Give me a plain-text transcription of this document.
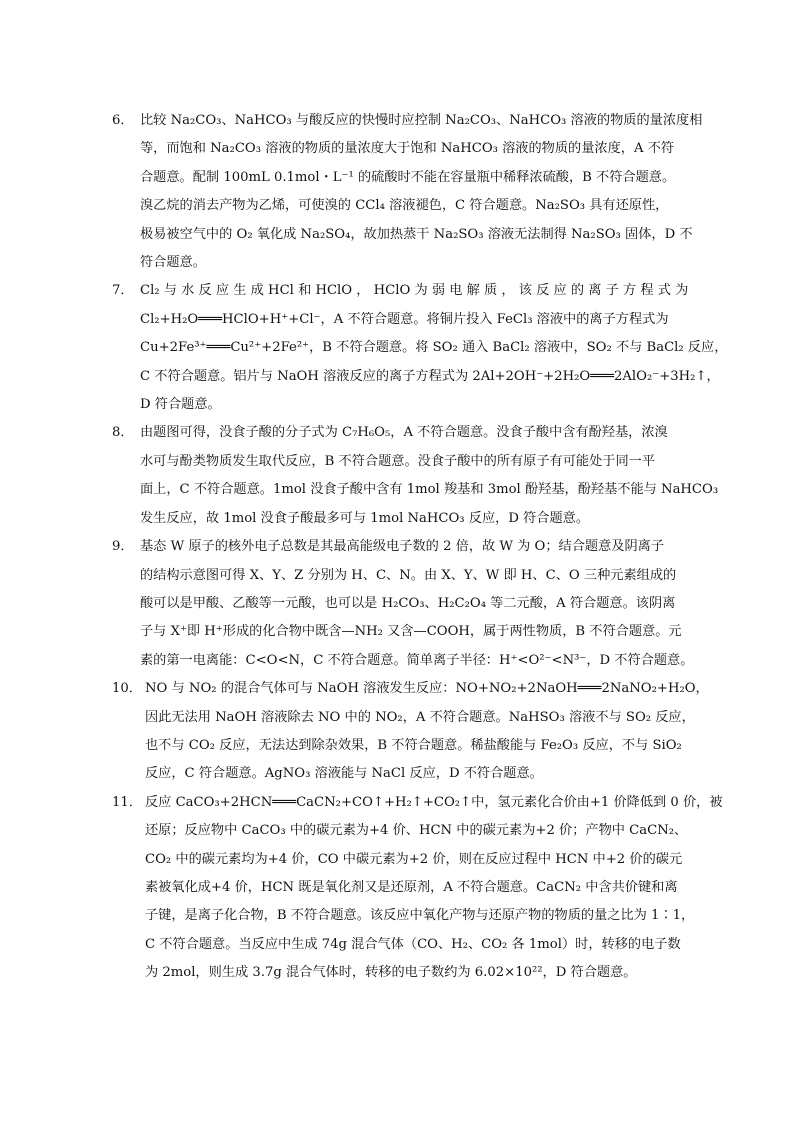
6． 比较 Na₂CO₃、NaHCO₃ 与酸反应的快慢时应控制 Na₂CO₃、NaHCO₃ 溶液的物质的量浓度相
等，而饱和 Na₂CO₃ 溶液的物质的量浓度大于饱和 NaHCO₃ 溶液的物质的量浓度，A 不符
合题意。配制 100mL 0.1mol・L⁻¹ 的硫酸时不能在容量瓶中稀释浓硫酸，B 不符合题意。
溴乙烷的消去产物为乙烯，可使溴的 CCl₄ 溶液褪色，C 符合题意。Na₂SO₃ 具有还原性，
极易被空气中的 O₂ 氧化成 Na₂SO₄，故加热蒸干 Na₂SO₃ 溶液无法制得 Na₂SO₃ 固体，D 不
符合题意。
7． Cl₂ 与 水 反 应 生 成 HCl 和 HClO ， HClO 为 弱 电 解 质 ， 该 反 应 的 离 子 方 程 式 为
Cl₂+H₂O═══HClO+H⁺+Cl⁻，A 不符合题意。将铜片投入 FeCl₃ 溶液中的离子方程式为
Cu+2Fe³⁺═══Cu²⁺+2Fe²⁺，B 不符合题意。将 SO₂ 通入 BaCl₂ 溶液中，SO₂ 不与 BaCl₂ 反应，
C 不符合题意。铝片与 NaOH 溶液反应的离子方程式为 2Al+2OH⁻+2H₂O═══2AlO₂⁻+3H₂↑，
D 符合题意。
8． 由题图可得，没食子酸的分子式为 C₇H₆O₅，A 不符合题意。没食子酸中含有酚羟基，浓溴
水可与酚类物质发生取代反应，B 不符合题意。没食子酸中的所有原子有可能处于同一平
面上，C 不符合题意。1mol 没食子酸中含有 1mol 羧基和 3mol 酚羟基，酚羟基不能与 NaHCO₃
发生反应，故 1mol 没食子酸最多可与 1mol NaHCO₃ 反应，D 符合题意。
9． 基态 W 原子的核外电子总数是其最高能级电子数的 2 倍，故 W 为 O；结合题意及阴离子
的结构示意图可得 X、Y、Z 分别为 H、C、N。由 X、Y、W 即 H、C、O 三种元素组成的
酸可以是甲酸、乙酸等一元酸，也可以是 H₂CO₃、H₂C₂O₄ 等二元酸，A 符合题意。该阴离
子与 X⁺即 H⁺形成的化合物中既含—NH₂ 又含—COOH，属于两性物质，B 不符合题意。元
素的第一电离能：C<O<N，C 不符合题意。简单离子半径：H⁺<O²⁻<N³⁻，D 不符合题意。
10． NO 与 NO₂ 的混合气体可与 NaOH 溶液发生反应：NO+NO₂+2NaOH═══2NaNO₂+H₂O，
因此无法用 NaOH 溶液除去 NO 中的 NO₂，A 不符合题意。NaHSO₃ 溶液不与 SO₂ 反应，
也不与 CO₂ 反应，无法达到除杂效果，B 不符合题意。稀盐酸能与 Fe₂O₃ 反应，不与 SiO₂
反应，C 符合题意。AgNO₃ 溶液能与 NaCl 反应，D 不符合题意。
11． 反应 CaCO₃+2HCN═══CaCN₂+CO↑+H₂↑+CO₂↑中，氢元素化合价由+1 价降低到 0 价，被
还原；反应物中 CaCO₃ 中的碳元素为+4 价、HCN 中的碳元素为+2 价；产物中 CaCN₂、
CO₂ 中的碳元素均为+4 价，CO 中碳元素为+2 价，则在反应过程中 HCN 中+2 价的碳元
素被氧化成+4 价，HCN 既是氧化剂又是还原剂，A 不符合题意。CaCN₂ 中含共价键和离
子键，是离子化合物，B 不符合题意。该反应中氧化产物与还原产物的物质的量之比为 1∶1，
C 不符合题意。当反应中生成 74g 混合气体（CO、H₂、CO₂ 各 1mol）时，转移的电子数
为 2mol，则生成 3.7g 混合气体时，转移的电子数约为 6.02×10²²，D 符合题意。
